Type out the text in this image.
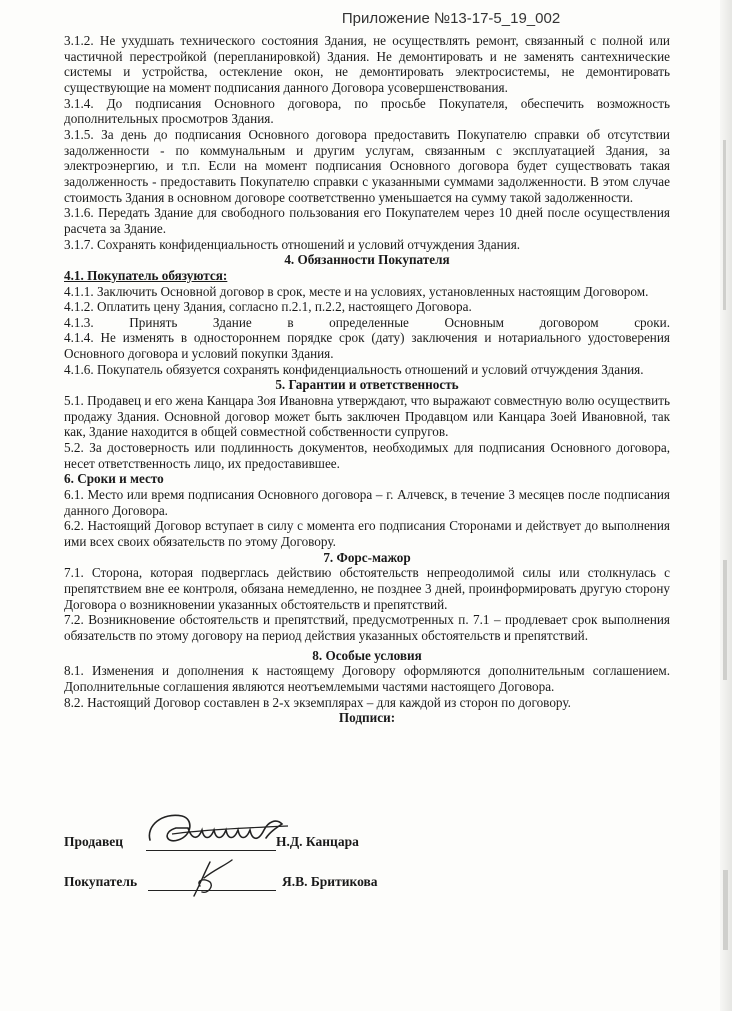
Приложение №13-17-5_19_002

3.1.2. Не ухудшать технического состояния Здания, не осуществлять ремонт, связанный с полной или частичной перестройкой (перепланировкой) Здания. Не демонтировать и не заменять сантехнические системы и устройства, остекление окон, не демонтировать электросистемы, не демонтировать существующие на момент подписания данного Договора усовершенствования.

3.1.4. До подписания Основного договора, по просьбе Покупателя, обеспечить возможность дополнительных просмотров Здания.

3.1.5. За день до подписания Основного договора предоставить Покупателю справки об отсутствии задолженности - по коммунальным и другим услугам, связанным с эксплуатацией Здания, за электроэнергию, и т.п. Если на момент подписания Основного договора будет существовать такая задолженность - предоставить Покупателю справки с указанными суммами задолженности. В этом случае стоимость Здания в основном договоре соответственно уменьшается на сумму такой задолженности.

3.1.6. Передать Здание для свободного пользования его Покупателем через 10 дней после осуществления расчета за Здание.

3.1.7. Сохранять конфиденциальность отношений и условий отчуждения Здания.

4. Обязанности Покупателя

4.1. Покупатель обязуются:

4.1.1. Заключить Основной договор в срок, месте и на условиях, установленных настоящим Договором.

4.1.2. Оплатить цену Здания, согласно п.2.1, п.2.2, настоящего Договора.

4.1.3. Принять Здание в определенные Основным договором сроки.

4.1.4. Не изменять в одностороннем порядке срок (дату) заключения и нотариального удостоверения Основного договора и условий покупки Здания.

4.1.6. Покупатель обязуется сохранять конфиденциальность отношений и условий отчуждения Здания.

5. Гарантии и ответственность

5.1. Продавец и его жена Канцара Зоя Ивановна утверждают, что выражают совместную волю осуществить продажу Здания. Основной договор может быть заключен Продавцом или Канцара Зоей Ивановной, так как, Здание находится в общей совместной собственности супругов.

5.2. За достоверность или подлинность документов, необходимых для подписания Основного договора, несет ответственность лицо, их предоставившее.

6. Сроки и место

6.1. Место или время подписания Основного договора – г. Алчевск, в течение 3 месяцев после подписания данного Договора.

6.2. Настоящий Договор вступает в силу с момента его подписания Сторонами и действует до выполнения ими всех своих обязательств по этому Договору.

7. Форс-мажор

7.1. Сторона, которая подверглась действию обстоятельств непреодолимой силы или столкнулась с препятствием вне ее контроля, обязана немедленно, не позднее 3 дней, проинформировать другую сторону Договора о возникновении указанных обстоятельств и препятствий.

7.2. Возникновение обстоятельств и препятствий, предусмотренных п. 7.1 – продлевает срок выполнения обязательств по этому договору на период действия указанных обстоятельств и препятствий.

8. Особые условия

8.1. Изменения и дополнения к настоящему Договору оформляются дополнительным соглашением. Дополнительные соглашения являются неотъемлемыми частями настоящего Договора.

8.2. Настоящий Договор составлен в 2-х экземплярах – для каждой из сторон по договору.

Подписи:

Продавец	Н.Д. Канцара
Покупатель	Я.В. Бритикова
